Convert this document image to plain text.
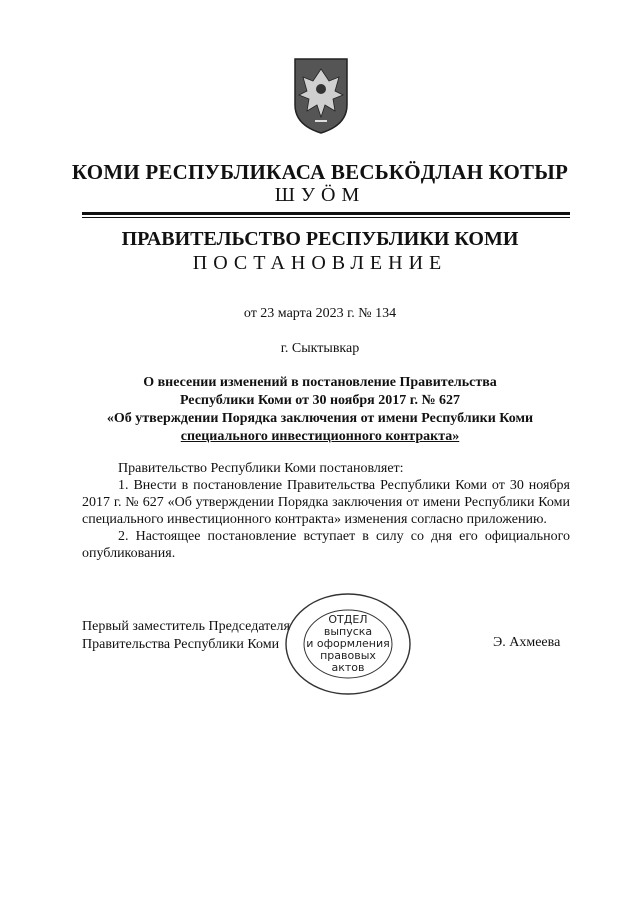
КОМИ РЕСПУБЛИКАСА ВЕСЬКÖДЛАН КОТЫР
ШУÖМ
ПРАВИТЕЛЬСТВО РЕСПУБЛИКИ КОМИ
ПОСТАНОВЛЕНИЕ
от 23 марта 2023 г. № 134
г. Сыктывкар
О внесении изменений в постановление Правительства
Республики Коми от 30 ноября 2017 г. № 627
«Об утверждении Порядка заключения от имени Республики Коми
специального инвестиционного контракта»

Правительство Республики Коми постановляет:

1. Внести в постановление Правительства Республики Коми от 30 ноября 2017 г. № 627 «Об утверждении Порядка заключения от имени Республики Коми специального инвестиционного контракта» изменения согласно приложению.

2. Настоящее постановление вступает в силу со дня его официального опубликования.

Первый заместитель Председателя
Правительства Республики Коми	Э. Ахмеева
ОТДЕЛ
выпуска
и оформления
правовых
актов
